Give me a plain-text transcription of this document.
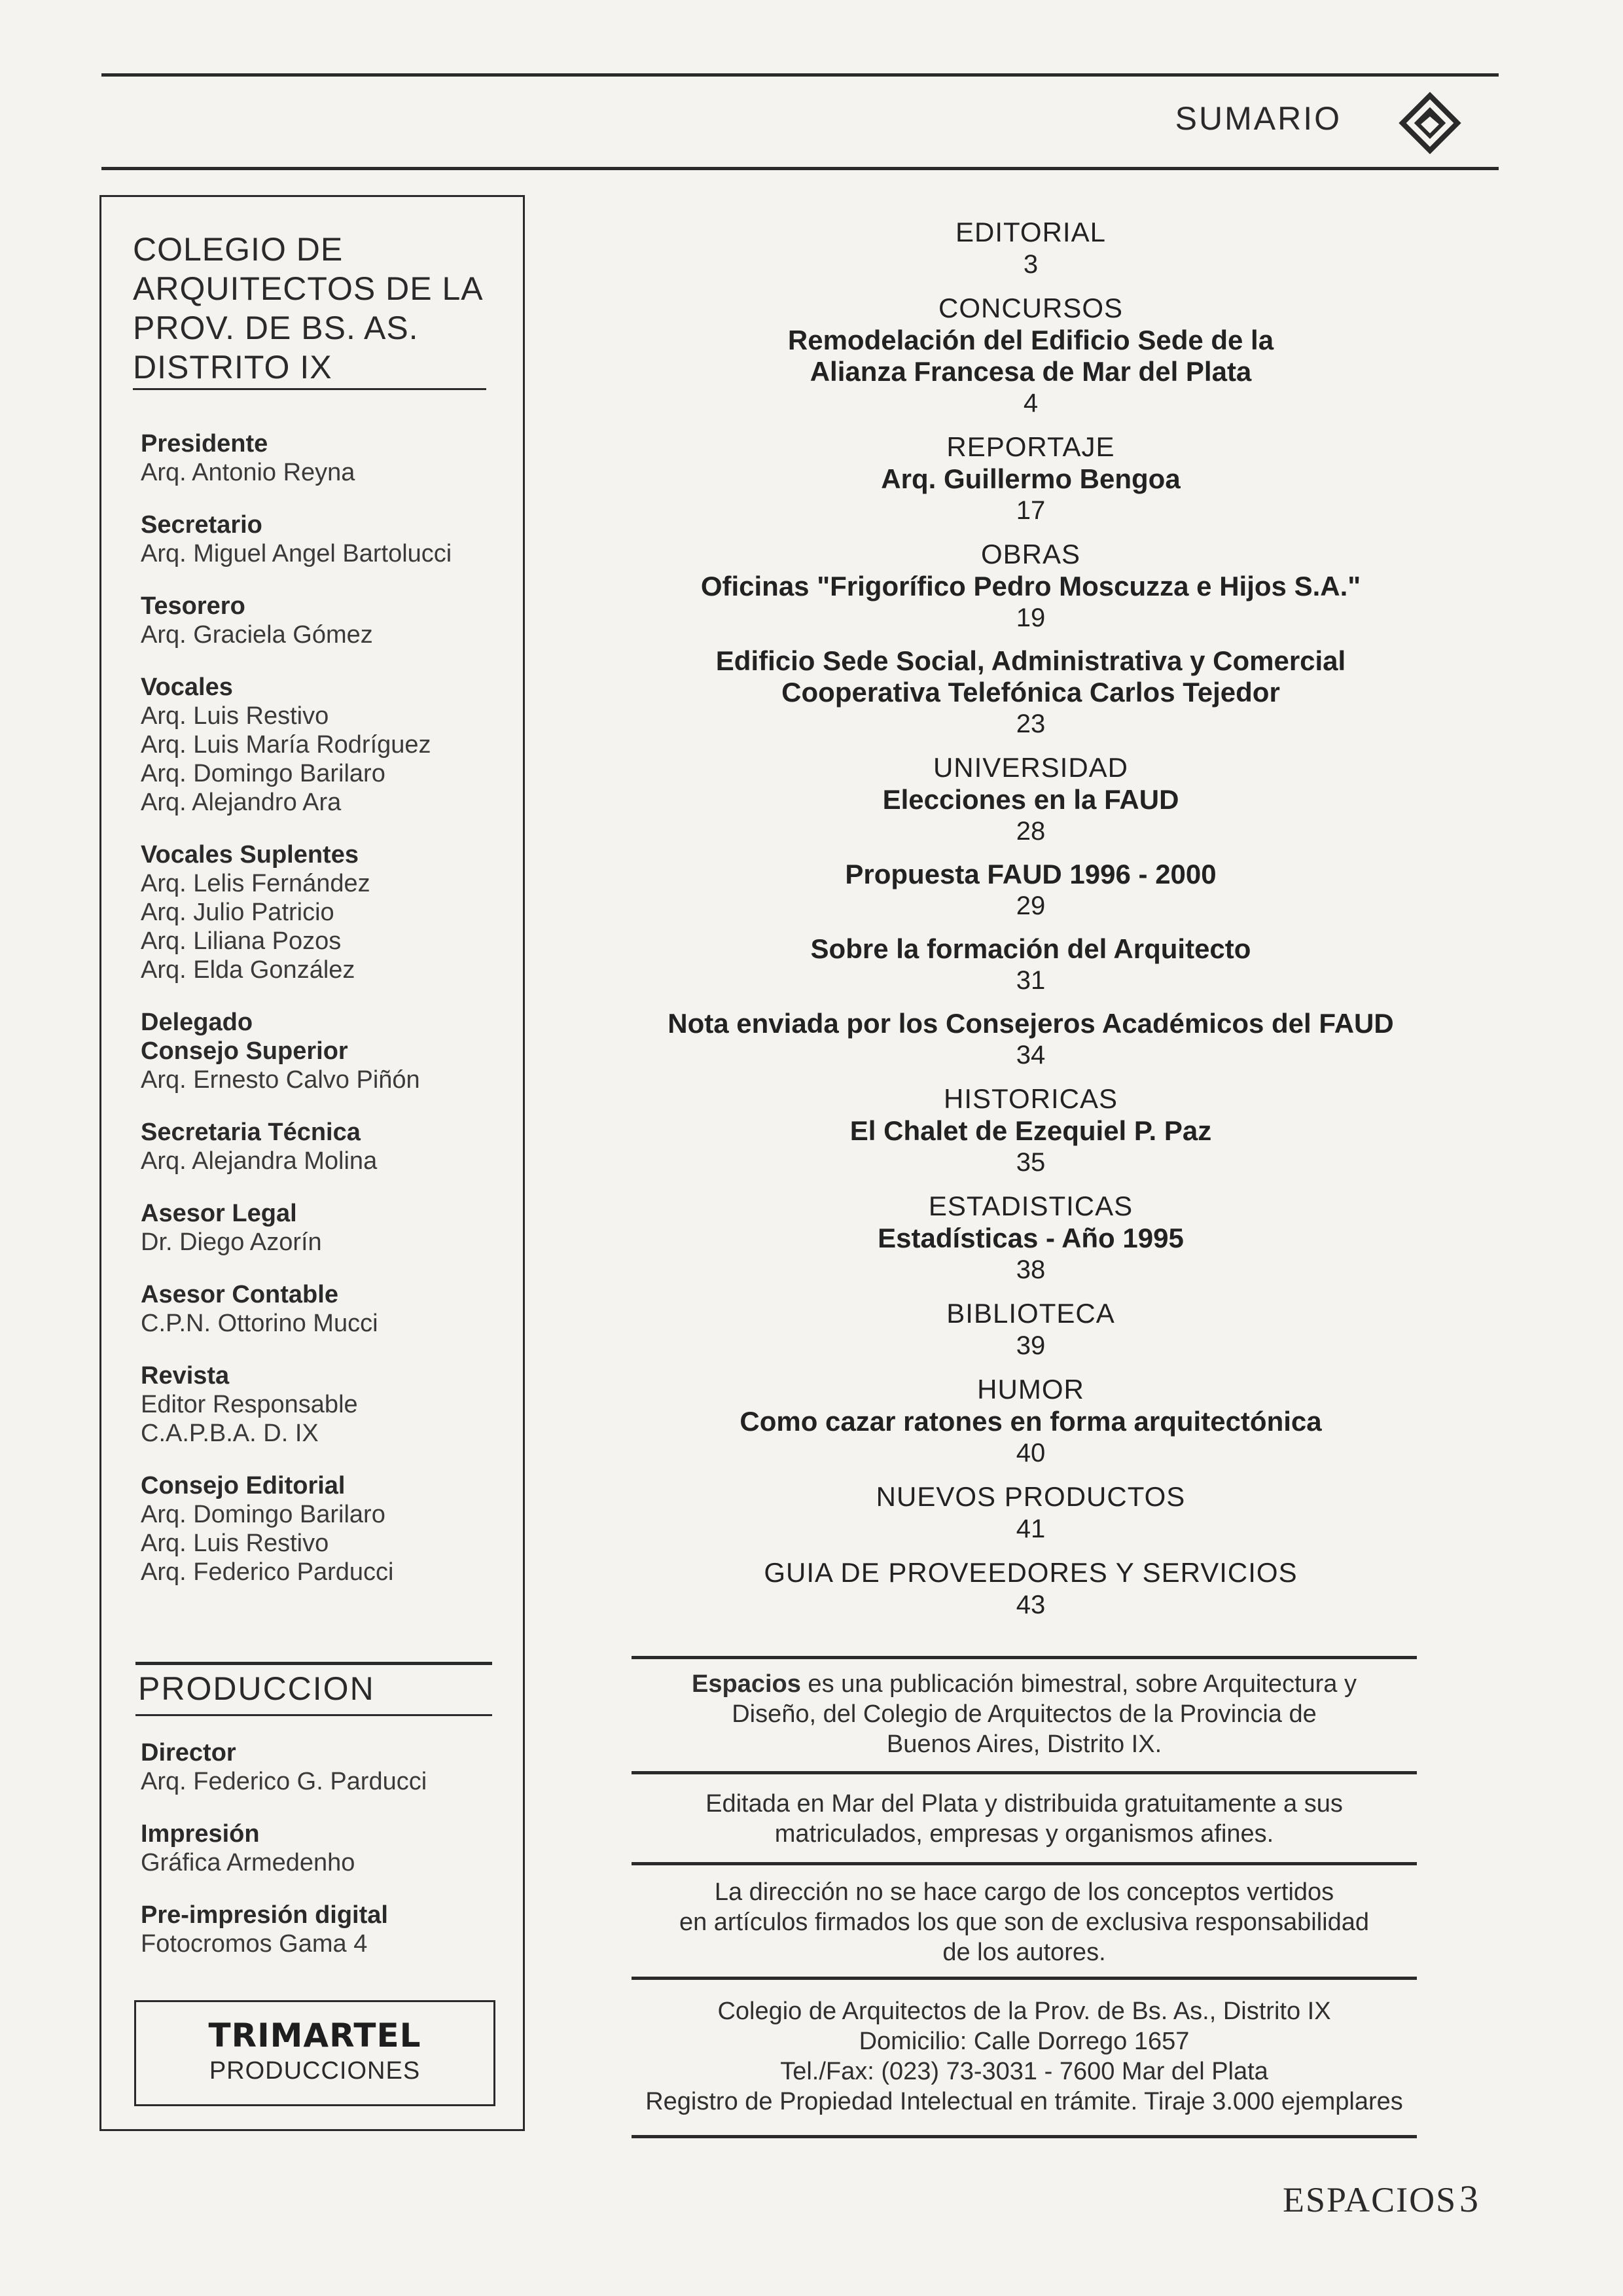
SUMARIO
COLEGIO DE
ARQUITECTOS DE LA
PROV. DE BS. AS.
DISTRITO IX
Presidente
Arq. Antonio Reyna
Secretario
Arq. Miguel Angel Bartolucci
Tesorero
Arq. Graciela Gómez
Vocales
Arq. Luis Restivo
Arq. Luis María Rodríguez
Arq. Domingo Barilaro
Arq. Alejandro Ara
Vocales Suplentes
Arq. Lelis Fernández
Arq. Julio Patricio
Arq. Liliana Pozos
Arq. Elda González
Delegado
Consejo Superior
Arq. Ernesto Calvo Piñón
Secretaria Técnica
Arq. Alejandra Molina
Asesor Legal
Dr. Diego Azorín
Asesor Contable
C.P.N. Ottorino Mucci
Revista
Editor Responsable
C.A.P.B.A. D. IX
Consejo Editorial
Arq. Domingo Barilaro
Arq. Luis Restivo
Arq. Federico Parducci
PRODUCCION
Director
Arq. Federico G. Parducci
Impresión
Gráfica Armedenho
Pre-impresión digital
Fotocromos Gama 4
TRIMARTEL
PRODUCCIONES
EDITORIAL
3
CONCURSOS
Remodelación del Edificio Sede de la
Alianza Francesa de Mar del Plata
4
REPORTAJE
Arq. Guillermo Bengoa
17
OBRAS
Oficinas "Frigorífico Pedro Moscuzza e Hijos S.A."
19
Edificio Sede Social, Administrativa y Comercial
Cooperativa Telefónica Carlos Tejedor
23
UNIVERSIDAD
Elecciones en la FAUD
28
Propuesta FAUD 1996 - 2000
29
Sobre la formación del Arquitecto
31
Nota enviada por los Consejeros Académicos del FAUD
34
HISTORICAS
El Chalet de Ezequiel P. Paz
35
ESTADISTICAS
Estadísticas - Año 1995
38
BIBLIOTECA
39
HUMOR
Como cazar ratones en forma arquitectónica
40
NUEVOS PRODUCTOS
41
GUIA DE PROVEEDORES Y SERVICIOS
43
Espacios es una publicación bimestral, sobre Arquitectura y
Diseño, del Colegio de Arquitectos de la Provincia de
Buenos Aires, Distrito IX.
Editada en Mar del Plata y distribuida gratuitamente a sus
matriculados, empresas y organismos afines.
La dirección no se hace cargo de los conceptos vertidos
en artículos firmados los que son de exclusiva responsabilidad
de los autores.
Colegio de Arquitectos de la Prov. de Bs. As., Distrito IX
Domicilio: Calle Dorrego 1657
Tel./Fax: (023) 73-3031 - 7600 Mar del Plata
Registro de Propiedad Intelectual en trámite. Tiraje 3.000 ejemplares
ESPACIOS 3
